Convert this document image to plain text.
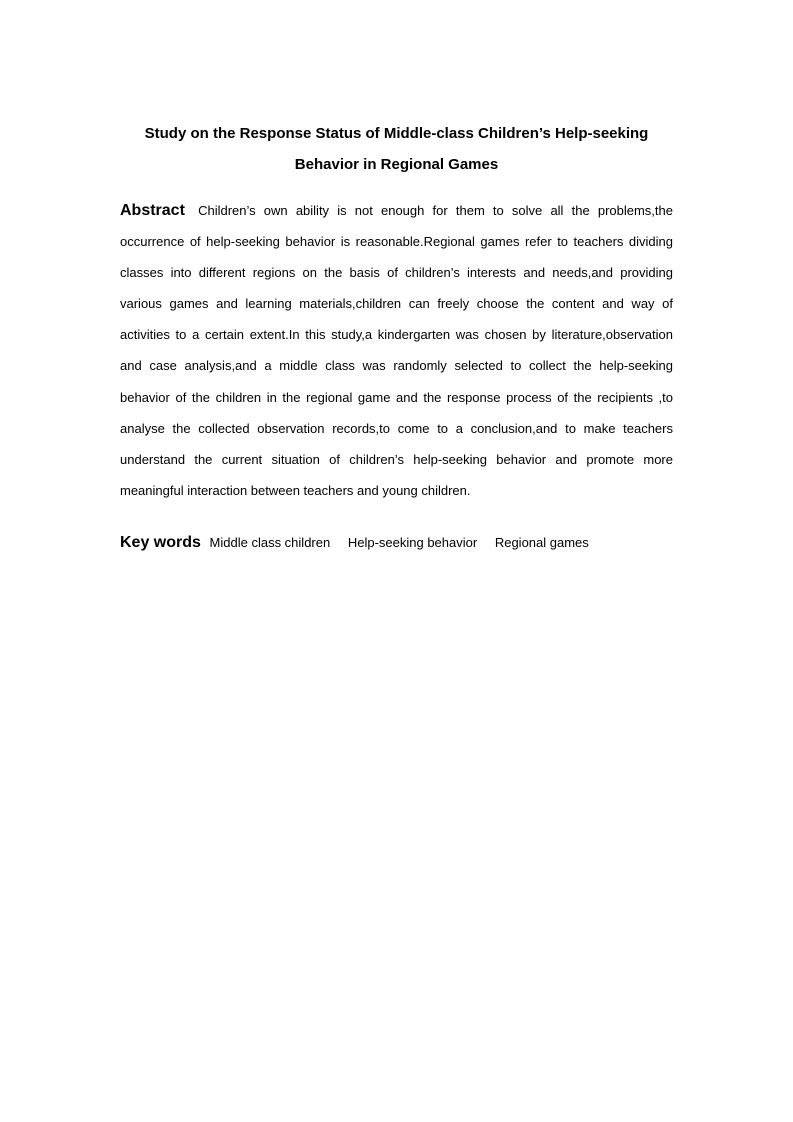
Study on the Response Status of Middle-class Children’s Help-seeking
Behavior in Regional Games

Abstract Children’s own ability is not enough for them to solve all the problems,the occurrence of help-seeking behavior is reasonable.Regional games refer to teachers dividing classes into different regions on the basis of children’s interests and needs,and providing various games and learning materials,children can freely choose the content and way of activities to a certain extent.In this study,a kindergarten was chosen by literature,observation and case analysis,and a middle class was randomly selected to collect the help-seeking behavior of the children in the regional game and the response process of the recipients ,to analyse the collected observation records,to come to a conclusion,and to make teachers understand the current situation of children’s help-seeking behavior and promote more meaningful interaction between teachers and young children.

Key words Middle class children Help-seeking behavior Regional games
